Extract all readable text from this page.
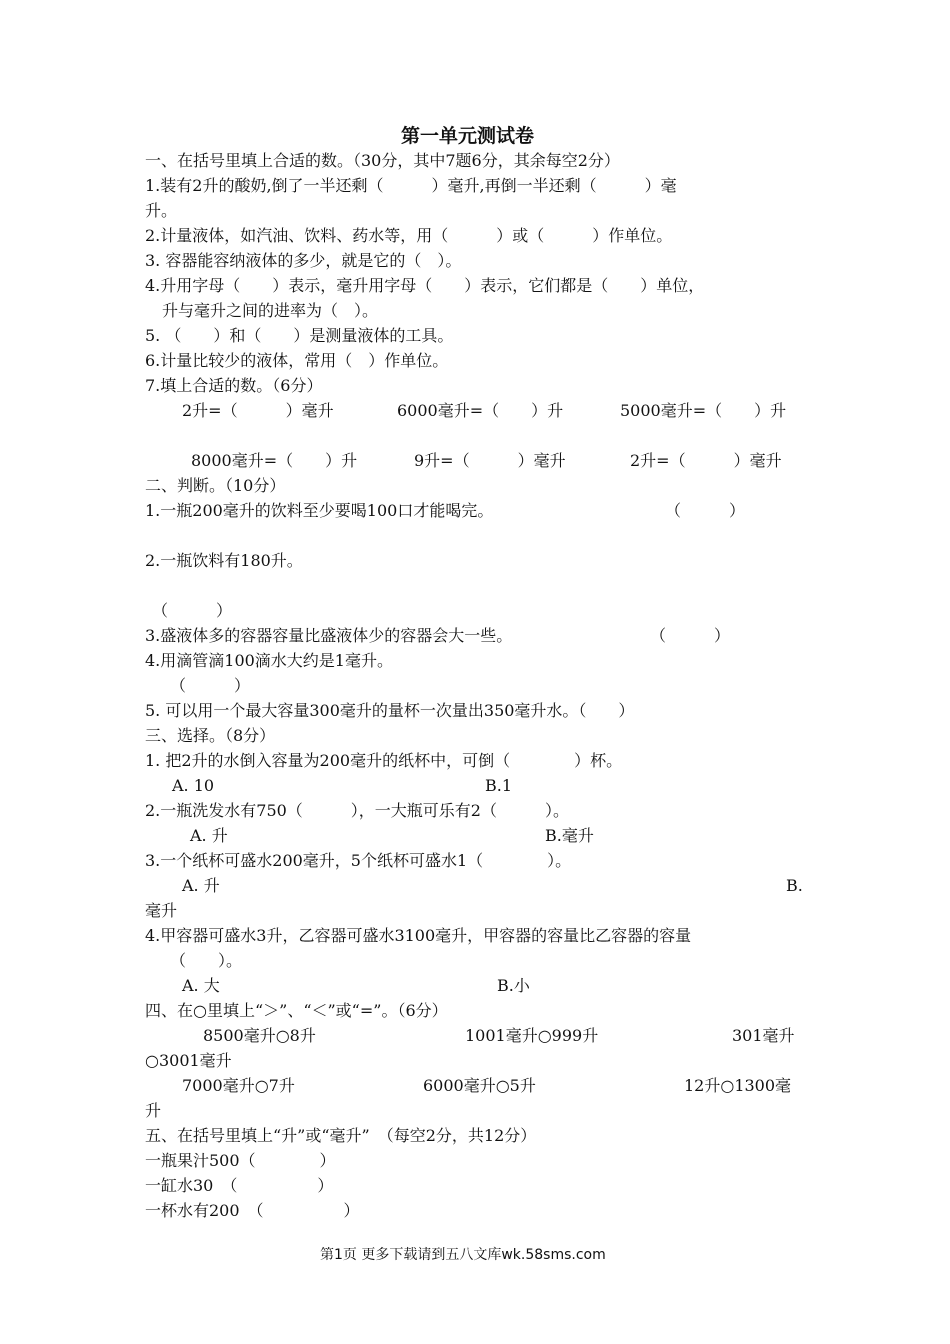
第一单元测试卷
一、在括号里填上合适的数。（30分，其中7题6分，其余每空2分）
1.装有2升的酸奶,倒了一半还剩（　　　）毫升,再倒一半还剩（　　　）毫
升。
2.计量液体，如汽油、饮料、药水等，用（　　　）或（　　　）作单位。
3. 容器能容纳液体的多少，就是它的（　）。
4.升用字母（　　）表示，毫升用字母（　　）表示，它们都是（　　）单位，
升与毫升之间的进率为（　）。
5. （　　）和（　　）是测量液体的工具。
6.计量比较少的液体，常用（　）作单位。
7.填上合适的数。（6分）
2升=（　　　）毫升	6000毫升=（　　）升	5000毫升=（　　）升
8000毫升=（　　）升	9升=（　　　）毫升	2升=（　　　）毫升
二、判断。（10分）
1.一瓶200毫升的饮料至少要喝100口才能喝完。	（　　　）
2.一瓶饮料有180升。
（　　　）
3.盛液体多的容器容量比盛液体少的容器会大一些。	（　　　）
4.用滴管滴100滴水大约是1毫升。
（　　　）
5. 可以用一个最大容量300毫升的量杯一次量出350毫升水。（　　）
三、选择。（8分）
1. 把2升的水倒入容量为200毫升的纸杯中，可倒（　　　　）杯。
A. 10	B.1
2.一瓶洗发水有750（　　　），一大瓶可乐有2（　　　）。
A. 升	B.毫升
3.一个纸杯可盛水200毫升，5个纸杯可盛水1（　　　　）。
A. 升	B.
毫升
4.甲容器可盛水3升，乙容器可盛水3100毫升，甲容器的容量比乙容器的容量
（　　）。
A. 大	B.小
四、在○里填上“＞”、“＜”或“=”。（6分）
8500毫升○8升	1001毫升○999升	301毫升
○3001毫升
7000毫升○7升	6000毫升○5升	12升○1300毫
升
五、在括号里填上“升”或“毫升”　（每空2分，共12分）
一瓶果汁500（　　　　）
一缸水30　（　　　　　）
一杯水有200　（　　　　　）
第1页 更多下载请到五八文库wk.58sms.com
